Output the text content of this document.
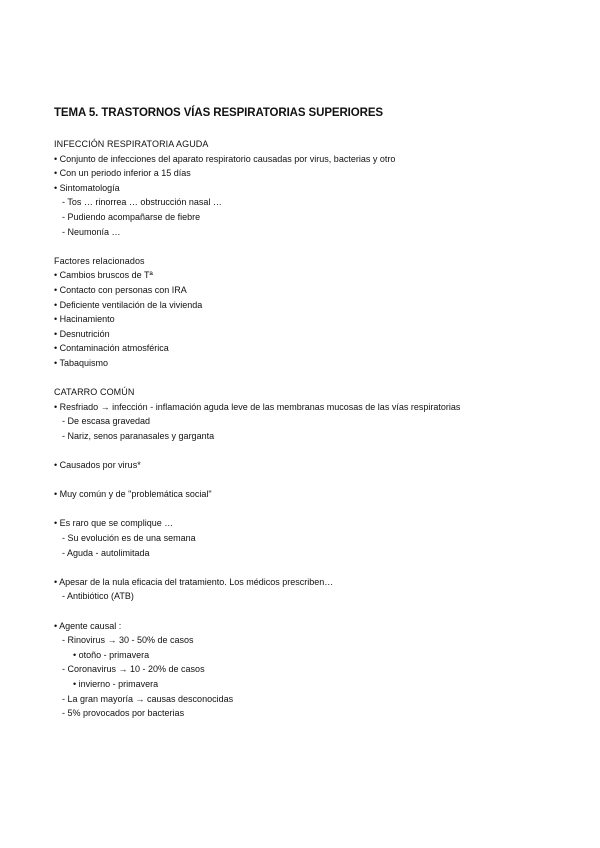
TEMA 5. TRASTORNOS VÍAS RESPIRATORIAS SUPERIORES
INFECCIÓN RESPIRATORIA AGUDA
• Conjunto de infecciones del aparato respiratorio causadas por virus, bacterias y otro
• Con un periodo inferior a 15 días
• Sintomatología
- Tos … rinorrea … obstrucción nasal …
- Pudiendo acompañarse de fiebre
- Neumonía …
Factores relacionados
• Cambios bruscos de Tª
• Contacto con personas con IRA
• Deficiente ventilación de la vivienda
• Hacinamiento
• Desnutrición
• Contaminación atmosférica
• Tabaquismo
CATARRO COMÚN
• Resfriado → infección - inflamación aguda leve de las membranas mucosas de las vías respiratorias
- De escasa gravedad
- Nariz, senos paranasales y garganta
• Causados por virus*
• Muy común y de "problemática social"
• Es raro que se complique …
- Su evolución es de una semana
- Aguda - autolimitada
• Apesar de la nula eficacia del tratamiento. Los médicos prescriben…
- Antibiótico (ATB)
• Agente causal :
- Rinovirus → 30 - 50% de casos
• otoño - primavera
- Coronavirus → 10 - 20% de casos
• invierno - primavera
- La gran mayoría → causas desconocidas
- 5% provocados por bacterias
